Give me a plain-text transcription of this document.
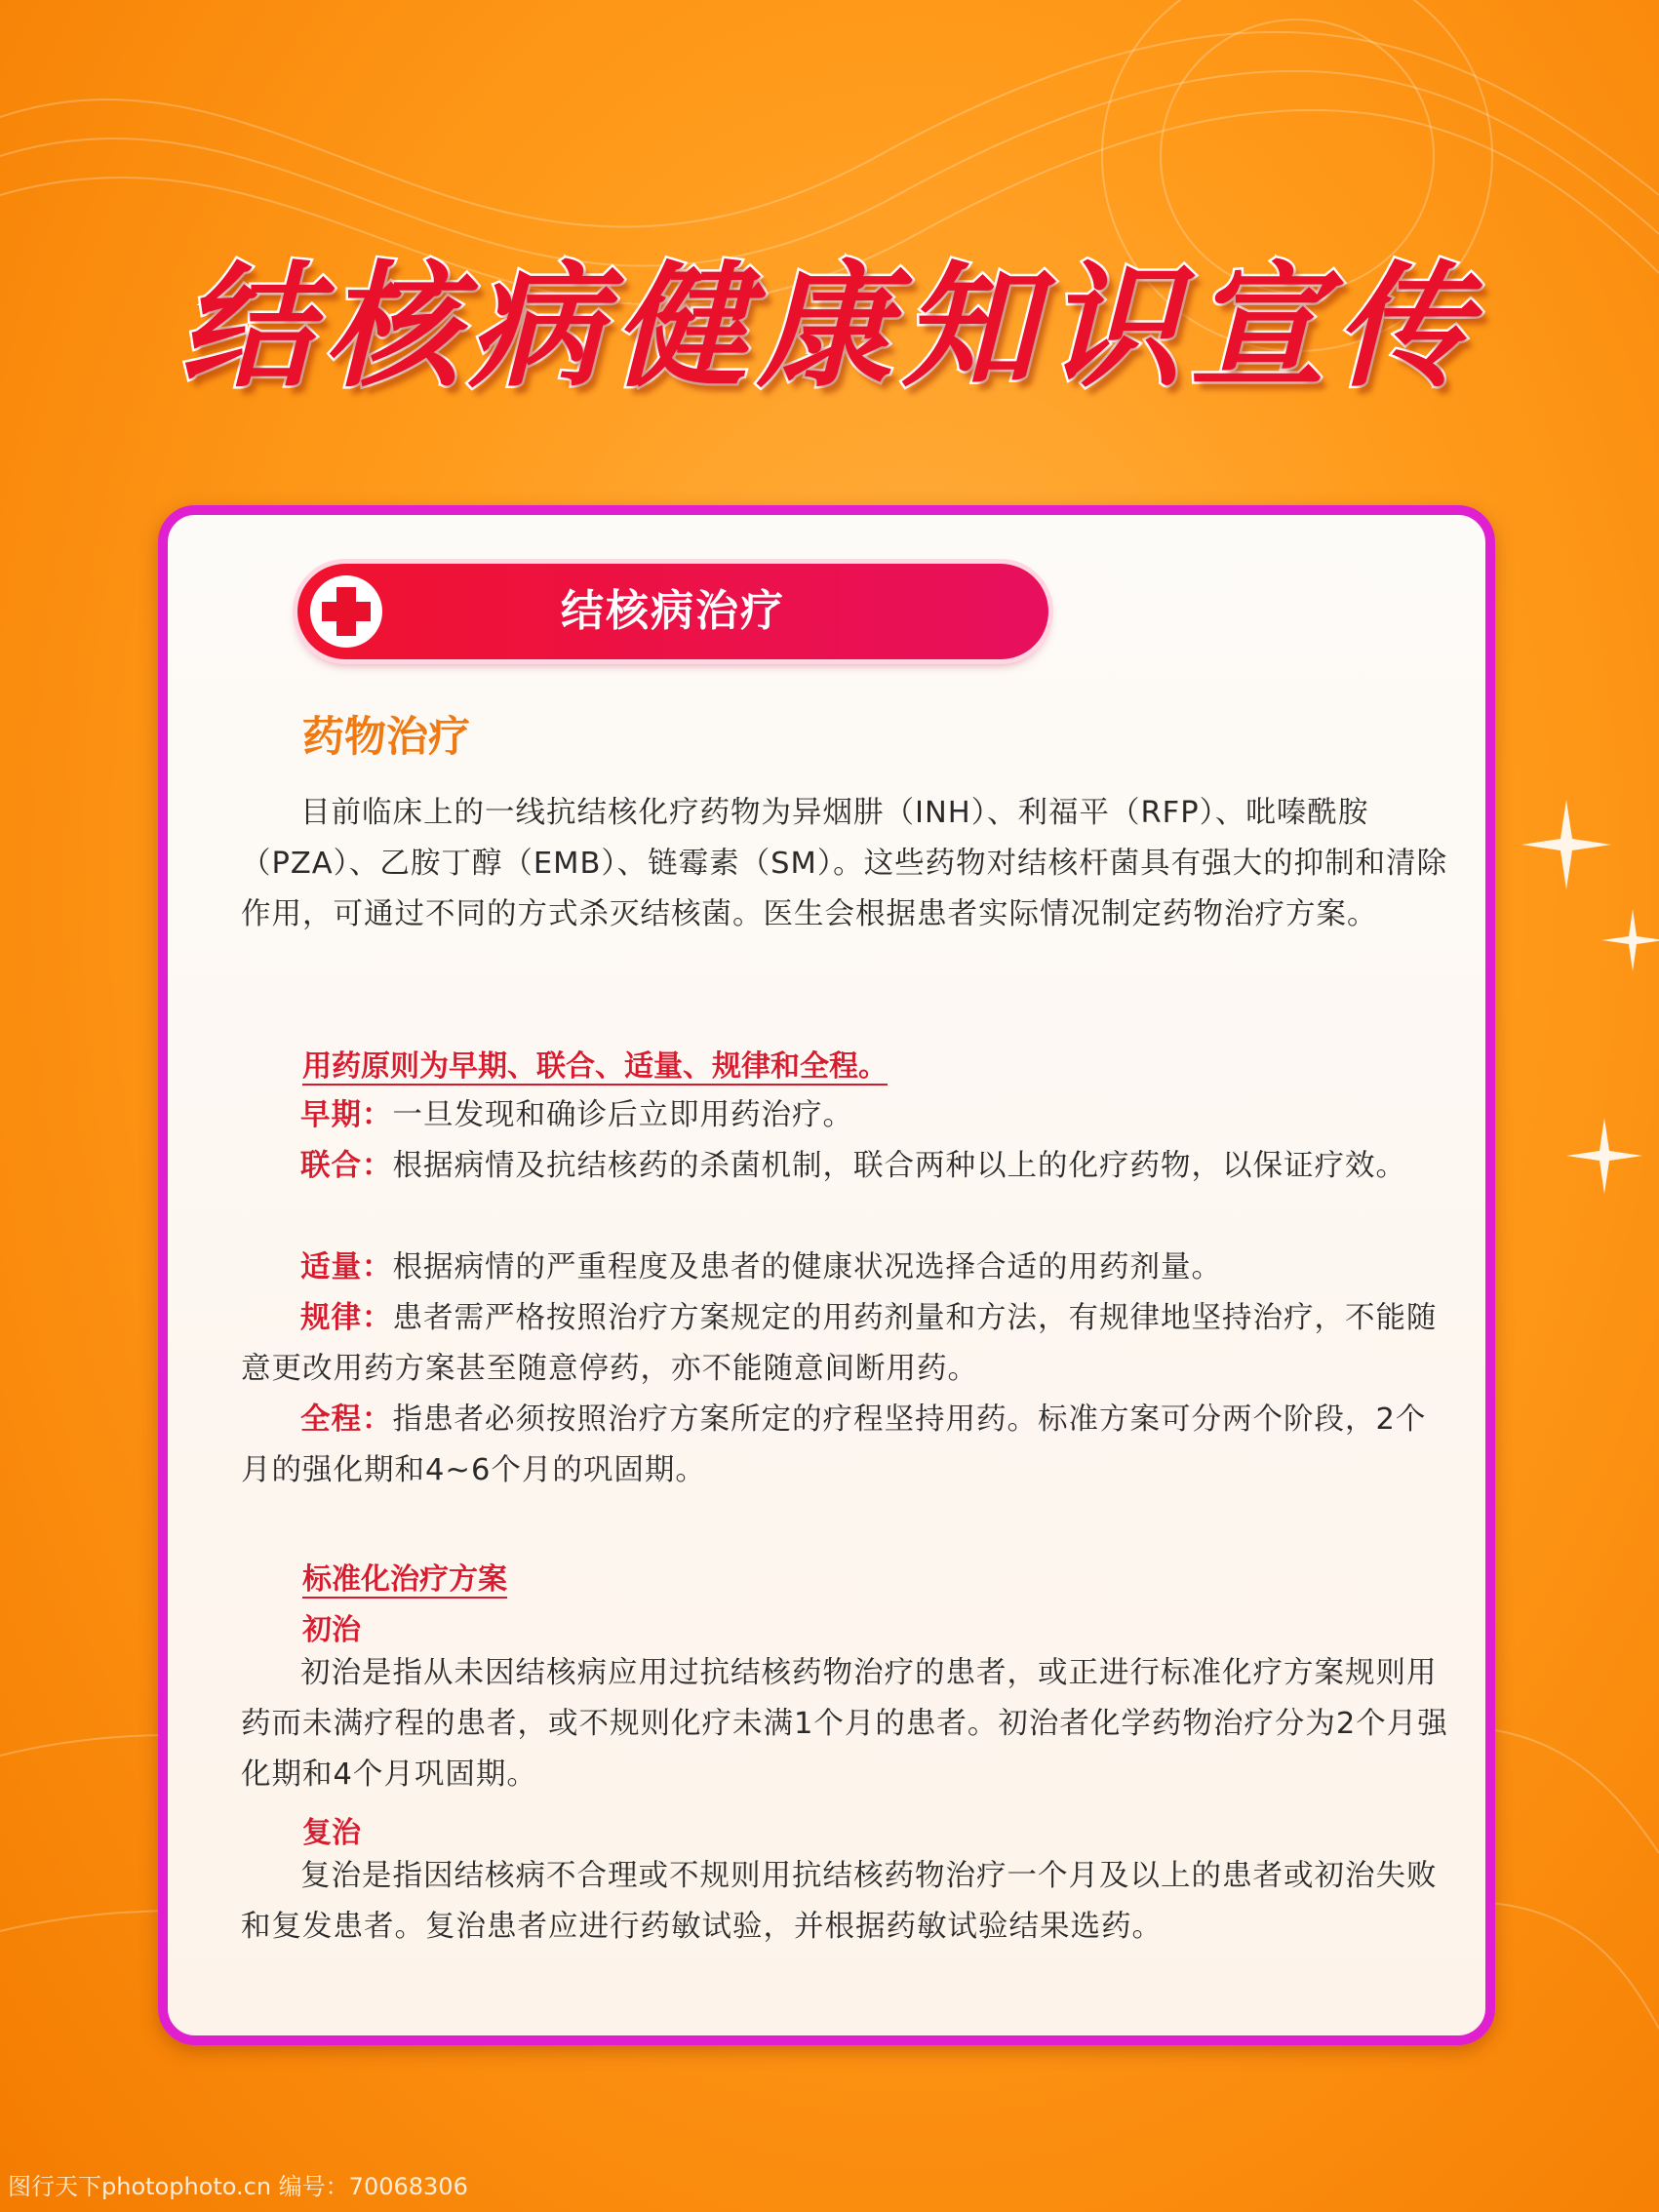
结核病健康知识宣传
结核病治疗
药物治疗

目前临床上的一线抗结核化疗药物为异烟肼（INH）、利福平（RFP）、吡嗪酰胺（PZA）、乙胺丁醇（EMB）、链霉素（SM）。这些药物对结核杆菌具有强大的抑制和清除作用，可通过不同的方式杀灭结核菌。医生会根据患者实际情况制定药物治疗方案。

用药原则为早期、联合、适量、规律和全程。

早期：一旦发现和确诊后立即用药治疗。

联合：根据病情及抗结核药的杀菌机制，联合两种以上的化疗药物，以保证疗效。

适量：根据病情的严重程度及患者的健康状况选择合适的用药剂量。

规律：患者需严格按照治疗方案规定的用药剂量和方法，有规律地坚持治疗，不能随意更改用药方案甚至随意停药，亦不能随意间断用药。

全程：指患者必须按照治疗方案所定的疗程坚持用药。标准方案可分两个阶段，2个月的强化期和4~6个月的巩固期。

标准化治疗方案
初治

初治是指从未因结核病应用过抗结核药物治疗的患者，或正进行标准化疗方案规则用药而未满疗程的患者，或不规则化疗未满1个月的患者。初治者化学药物治疗分为2个月强化期和4个月巩固期。

复治

复治是指因结核病不合理或不规则用抗结核药物治疗一个月及以上的患者或初治失败和复发患者。复治患者应进行药敏试验，并根据药敏试验结果选药。

图行天下photophoto.cn 编号：70068306
